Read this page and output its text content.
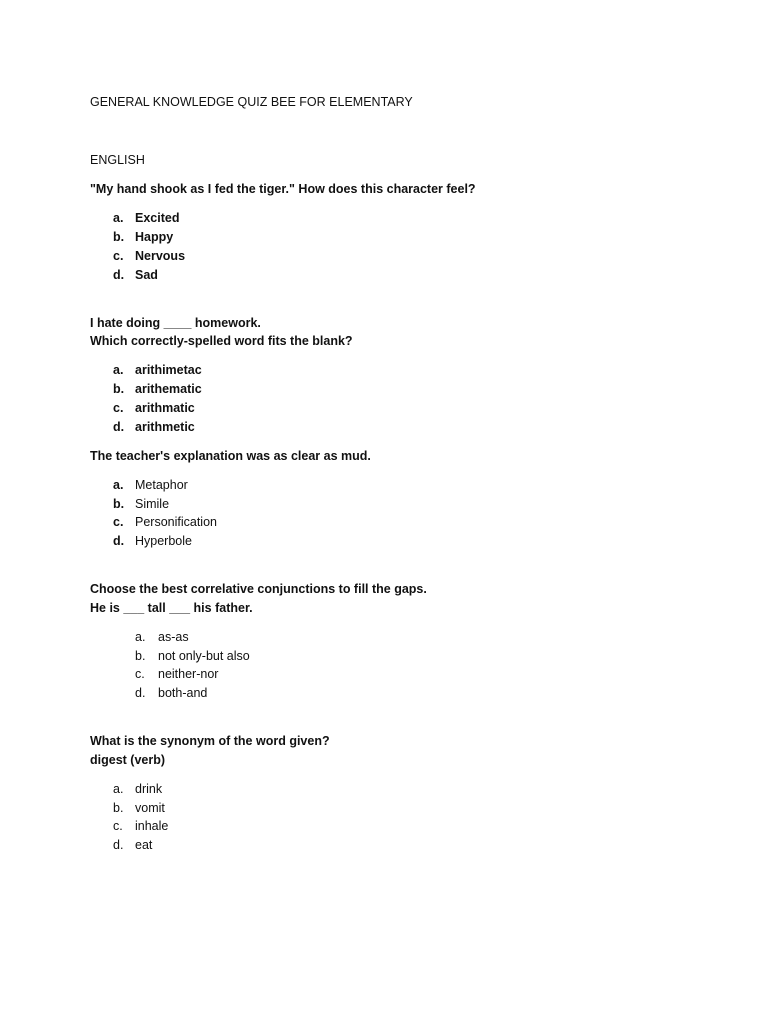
GENERAL KNOWLEDGE QUIZ BEE FOR ELEMENTARY
ENGLISH
"My hand shook as I fed the tiger." How does this character feel?
a. Excited
b. Happy
c. Nervous
d. Sad
I hate doing ____ homework.
Which correctly-spelled word fits the blank?
a. arithimetac
b. arithematic
c. arithmatic
d. arithmetic
The teacher's explanation was as clear as mud.
a. Metaphor
b. Simile
c. Personification
d. Hyperbole
Choose the best correlative conjunctions to fill the gaps.
He is ___ tall ___ his father.
a. as-as
b. not only-but also
c. neither-nor
d. both-and
What is the synonym of the word given?
digest (verb)
a. drink
b. vomit
c. inhale
d. eat
